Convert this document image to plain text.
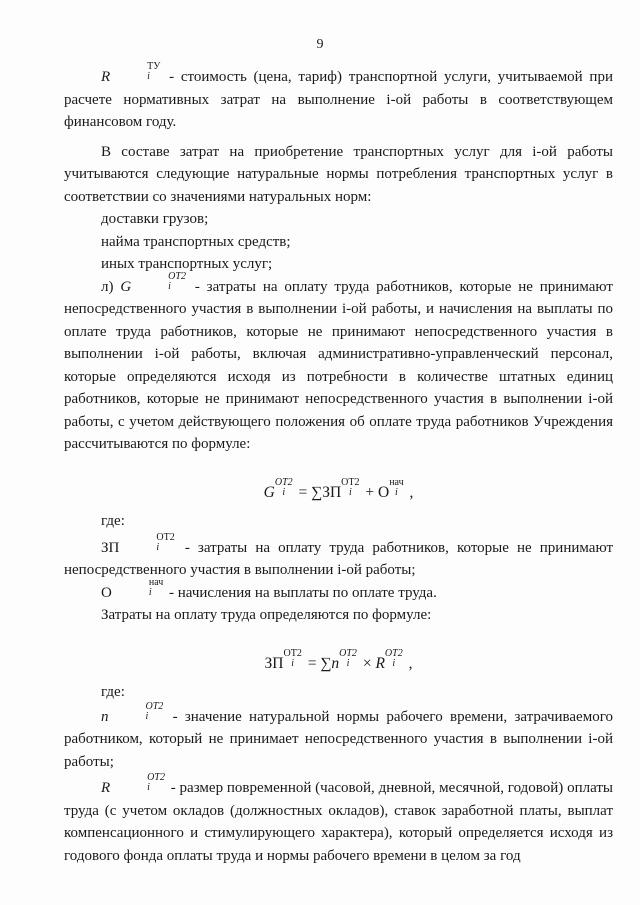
9

R
ТУ
i	- стоимость (цена, тариф) транспортной услуги, учитываемой при расчете нормативных затрат на выполнение i-ой работы в соответствующем финансовом году.

В составе затрат на приобретение транспортных услуг для i-ой работы учитываются следующие натуральные нормы потребления транспортных услуг в соответствии со значениями натуральных норм:

доставки грузов;

найма транспортных средств;

иных транспортных услуг;

л) G
ОТ2
i	- затраты на оплату труда работников, которые не принимают непосредственного участия в выполнении i-ой работы, и начисления на выплаты по оплате труда работников, которые не принимают непосредственного участия в выполнении i-ой работы, включая административно-управленческий персонал, которые определяются исходя из потребности в количестве штатных единиц работников, которые не принимают непосредственного участия в выполнении i-ой работы, с учетом действующего положения об оплате труда работников Учреждения рассчитываются по формуле:

G
ОТ2
i = ∑ЗП
ОТ2
i + О
нач
i ,

где:

ЗП
ОТ2
i	- затраты на оплату труда работников, которые не принимают непосредственного участия в выполнении i-ой работы;

О
нач
i	- начисления на выплаты по оплате труда.

Затраты на оплату труда определяются по формуле:

ЗП
ОТ2
i = ∑n
ОТ2
i × R
ОТ2
i ,

где:

n
ОТ2
i	- значение натуральной нормы рабочего времени, затрачиваемого работником, который не принимает непосредственного участия в выполнении i-ой работы;

R
ОТ2
i	- размер повременной (часовой, дневной, месячной, годовой) оплаты труда (с учетом окладов (должностных окладов), ставок заработной платы, выплат компенсационного и стимулирующего характера), который определяется исходя из годового фонда оплаты труда и нормы рабочего времени в целом за год
